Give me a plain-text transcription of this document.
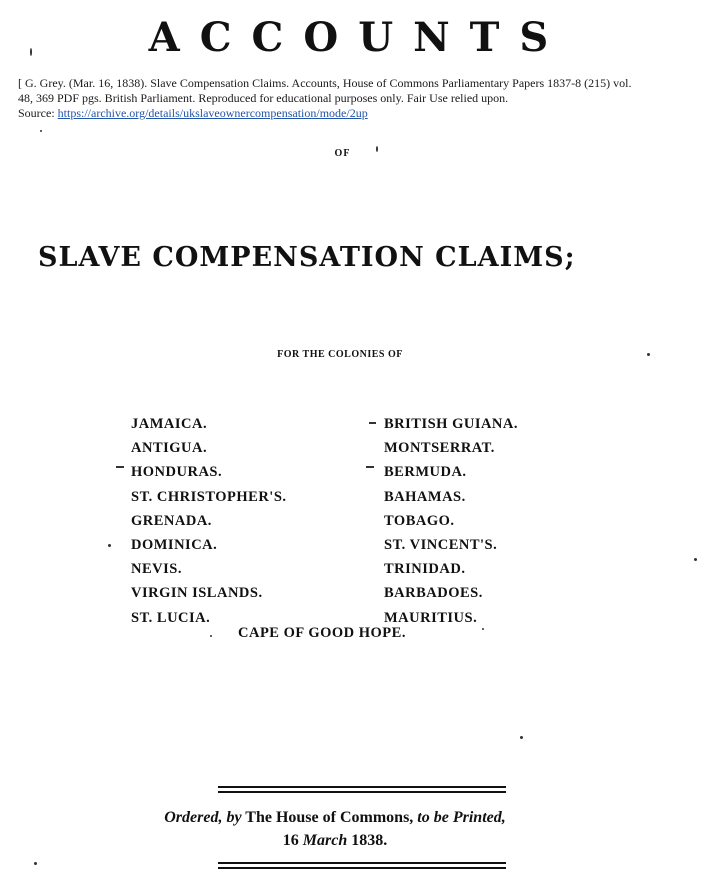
ACCOUNTS
[ G. Grey. (Mar. 16, 1838). Slave Compensation Claims. Accounts, House of Commons Parliamentary Papers 1837-8 (215) vol. 48, 369 PDF pgs. British Parliament. Reproduced for educational purposes only. Fair Use relied upon.
Source: https://archive.org/details/ukslaveownercompensation/mode/2up
OF
SLAVE COMPENSATION CLAIMS;
FOR THE COLONIES OF
JAMAICA.
ANTIGUA.
HONDURAS.
ST. CHRISTOPHER'S.
GRENADA.
DOMINICA.
NEVIS.
VIRGIN ISLANDS.
ST. LUCIA.
BRITISH GUIANA.
MONTSERRAT.
BERMUDA.
BAHAMAS.
TOBAGO.
ST. VINCENT'S.
TRINIDAD.
BARBADOES.
MAURITIUS.
CAPE OF GOOD HOPE.
Ordered, by The House of Commons, to be Printed,
16 March 1838.
